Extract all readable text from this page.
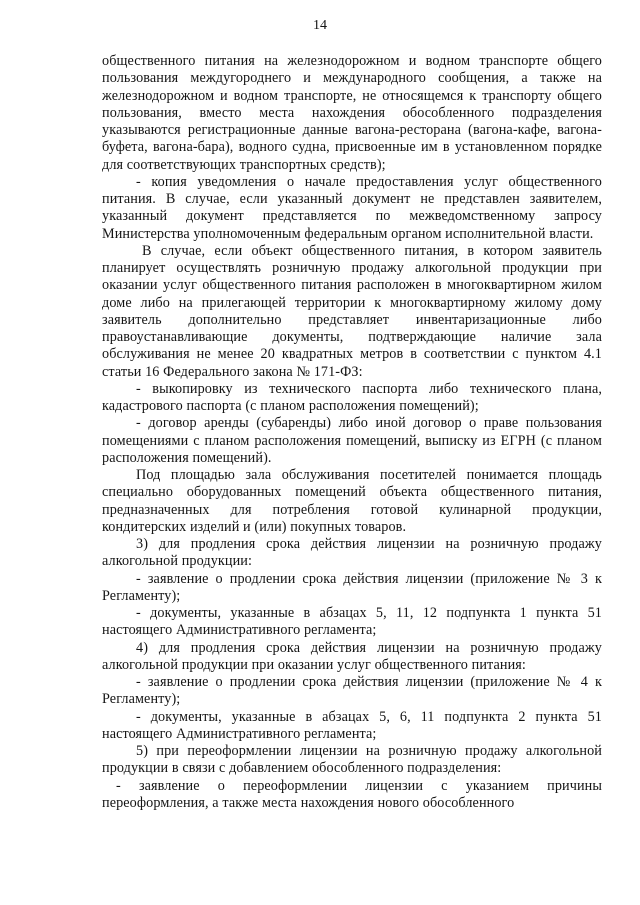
14

общественного питания на железнодорожном и водном транспорте общего пользования междугороднего и международного сообщения, а также на железнодорожном и водном транспорте, не относящемся к транспорту общего пользования, вместо места нахождения обособленного подразделения указываются регистрационные данные вагона-ресторана (вагона-кафе, вагона-буфета, вагона-бара), водного судна, присвоенные им в установленном порядке для соответствующих транспортных средств);

- копия уведомления о начале предоставления услуг общественного питания. В случае, если указанный документ не представлен заявителем, указанный документ представляется по межведомственному запросу Министерства уполномоченным федеральным органом исполнительной власти.

В случае, если объект общественного питания, в котором заявитель планирует осуществлять розничную продажу алкогольной продукции при оказании услуг общественного питания расположен в многоквартирном жилом доме либо на прилегающей территории к многоквартирному жилому дому заявитель дополнительно представляет инвентаризационные либо правоустанавливающие документы, подтверждающие наличие зала обслуживания не менее 20 квадратных метров в соответствии с пунктом 4.1 статьи 16 Федерального закона № 171-ФЗ:

- выкопировку из технического паспорта либо технического плана, кадастрового паспорта (с планом расположения помещений);

- договор аренды (субаренды) либо иной договор о праве пользования помещениями с планом расположения помещений, выписку из ЕГРН (с планом расположения помещений).

Под площадью зала обслуживания посетителей понимается площадь специально оборудованных помещений объекта общественного питания, предназначенных для потребления готовой кулинарной продукции, кондитерских изделий и (или) покупных товаров.

3) для продления срока действия лицензии на розничную продажу алкогольной продукции:

- заявление о продлении срока действия лицензии (приложение № 3 к Регламенту);

- документы, указанные в абзацах 5, 11, 12 подпункта 1 пункта 51 настоящего Административного регламента;

4) для продления срока действия лицензии на розничную продажу алкогольной продукции при оказании услуг общественного питания:

- заявление о продлении срока действия лицензии (приложение № 4 к Регламенту);

- документы, указанные в абзацах 5, 6, 11 подпункта 2 пункта 51 настоящего Административного регламента;

5) при переоформлении лицензии на розничную продажу алкогольной продукции в связи с добавлением обособленного подразделения:

- заявление о переоформлении лицензии с указанием причины переоформления, а также места нахождения нового обособленного
